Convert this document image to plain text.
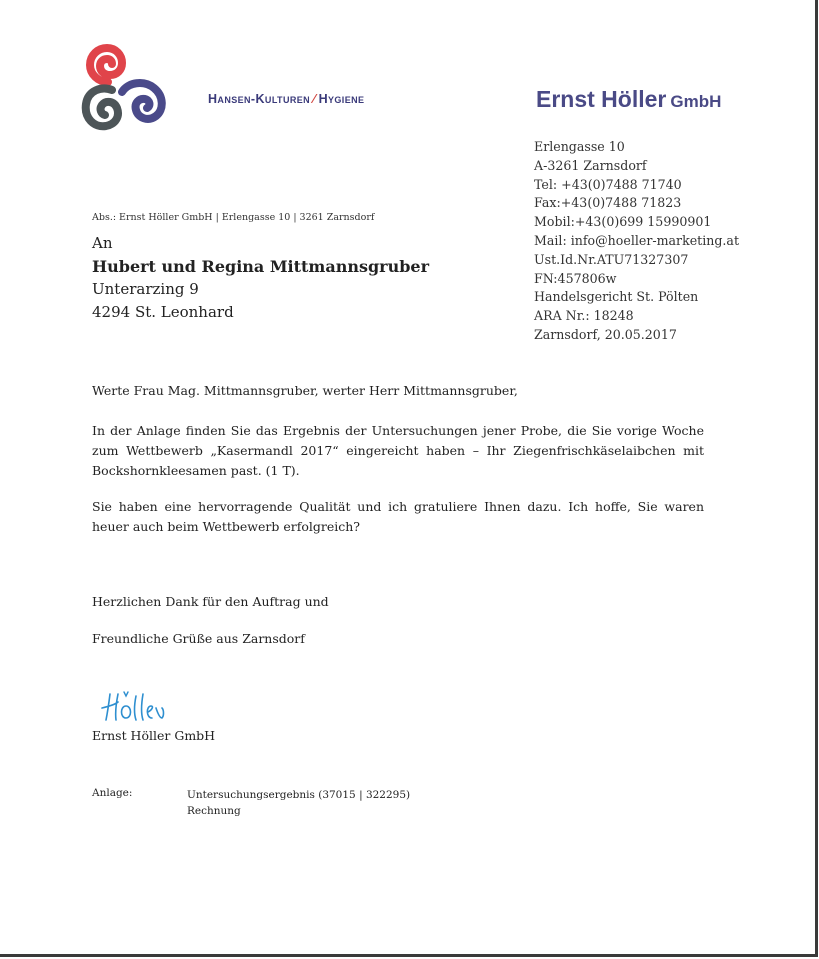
Hansen-Kulturen ⁄ Hygiene	Ernst Höller GmbH
Erlengasse 10
A-3261 Zarnsdorf
Tel: +43(0)7488 71740
Fax:+43(0)7488 71823
Mobil:+43(0)699 15990901
Mail: info@hoeller-marketing.at
Ust.Id.Nr.ATU71327307
FN:457806w
Handelsgericht St. Pölten
ARA Nr.: 18248
Zarnsdorf, 20.05.2017
Abs.: Ernst Höller GmbH | Erlengasse 10 | 3261 Zarnsdorf
An
Hubert und Regina Mittmannsgruber
Unterarzing 9
4294 St. Leonhard
Werte Frau Mag. Mittmannsgruber, werter Herr Mittmannsgruber,
In der Anlage finden Sie das Ergebnis der Untersuchungen jener Probe, die Sie vorige Woche zum Wettbewerb „Kasermandl 2017“ eingereicht haben – Ihr Ziegenfrischkäselaibchen mit Bockshornkleesamen past. (1 T).
Sie haben eine hervorragende Qualität und ich gratuliere Ihnen dazu. Ich hoffe, Sie waren heuer auch beim Wettbewerb erfolgreich?
Herzlichen Dank für den Auftrag und
Freundliche Grüße aus Zarnsdorf
Ernst Höller GmbH
Anlage:	Untersuchungsergebnis (37015 | 322295)
Rechnung
